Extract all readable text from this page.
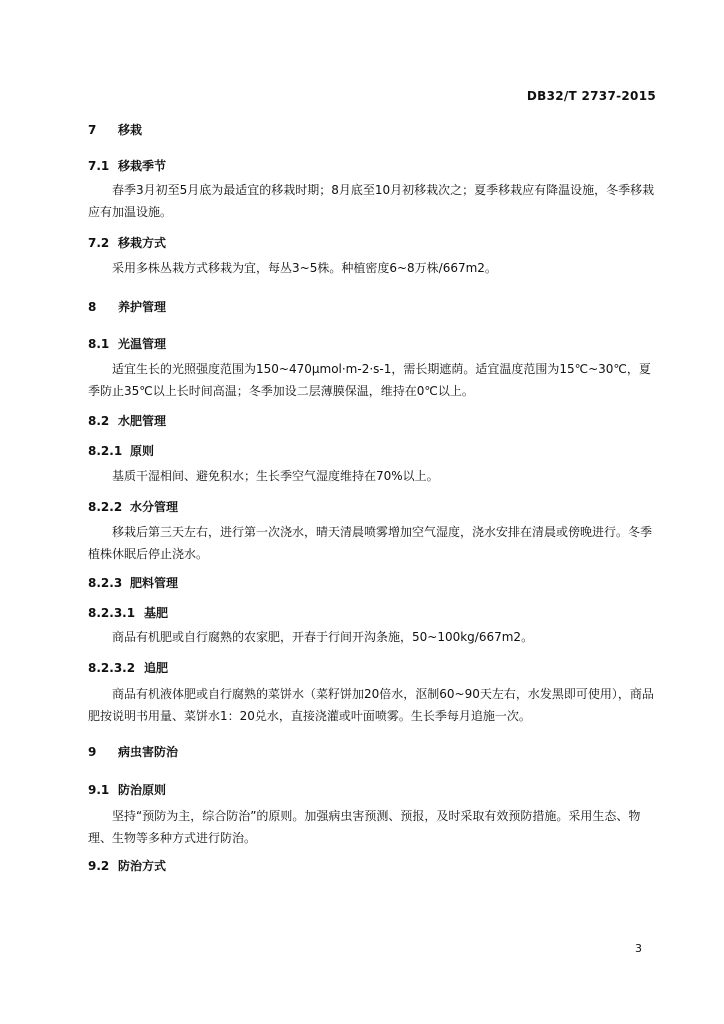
DB32/T 2737-2015
7 移栽
7.1 移栽季节

春季3月初至5月底为最适宜的移栽时期；8月底至10月初移栽次之；夏季移栽应有降温设施，冬季移栽应有加温设施。

7.2 移栽方式

采用多株丛栽方式移栽为宜，每丛3~5株。种植密度6~8万株/667m2。

8 养护管理
8.1 光温管理

适宜生长的光照强度范围为150~470μmol·m-2·s-1，需长期遮荫。适宜温度范围为15℃~30℃，夏季防止35℃以上长时间高温；冬季加设二层薄膜保温，维持在0℃以上。

8.2 水肥管理
8.2.1 原则

基质干湿相间、避免积水；生长季空气湿度维持在70%以上。

8.2.2 水分管理

移栽后第三天左右，进行第一次浇水，晴天清晨喷雾增加空气湿度，浇水安排在清晨或傍晚进行。冬季植株休眠后停止浇水。

8.2.3 肥料管理
8.2.3.1 基肥

商品有机肥或自行腐熟的农家肥，开春于行间开沟条施，50~100kg/667m2。

8.2.3.2 追肥

商品有机液体肥或自行腐熟的菜饼水（菜籽饼加20倍水，沤制60~90天左右，水发黑即可使用），商品肥按说明书用量、菜饼水1：20兑水，直接浇灌或叶面喷雾。生长季每月追施一次。

9 病虫害防治
9.1 防治原则

坚持“预防为主，综合防治”的原则。加强病虫害预测、预报，及时采取有效预防措施。采用生态、物理、生物等多种方式进行防治。

9.2 防治方式
3
